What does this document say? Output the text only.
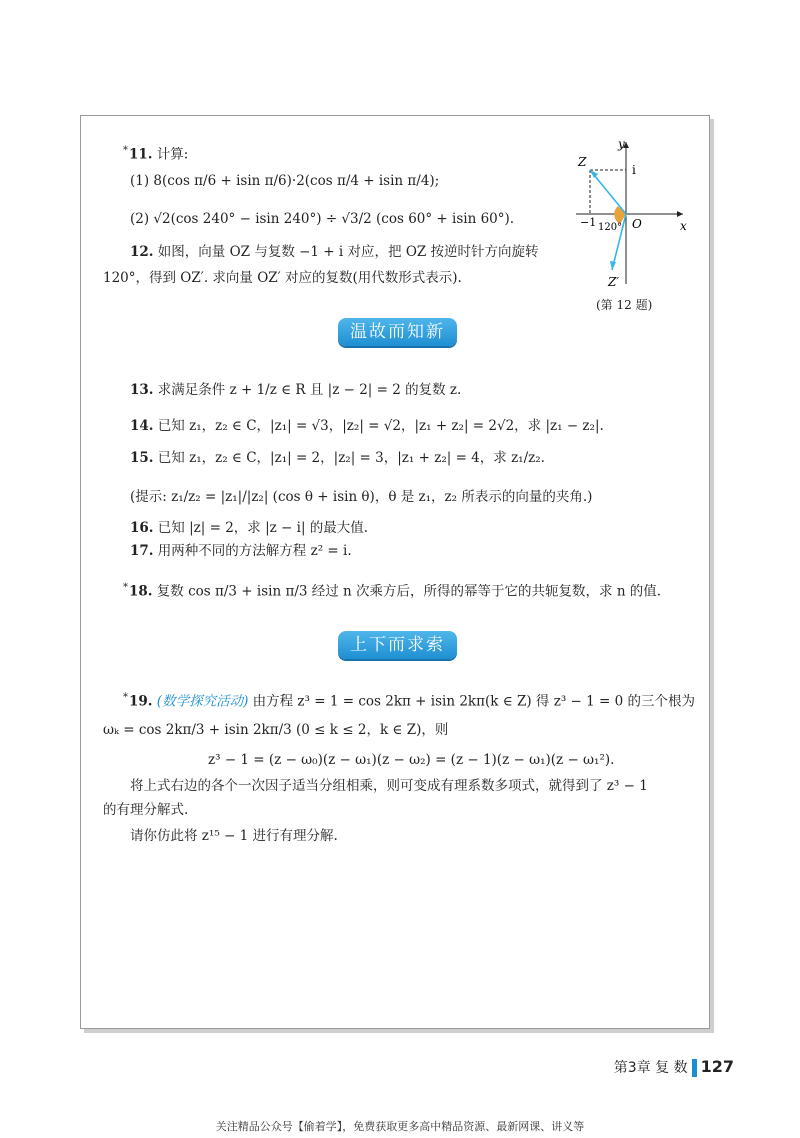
*11. 计算:
(1) 8(cos π/6 + isin π/6)·2(cos π/4 + isin π/4);
(2) √2(cos 240° − isin 240°) ÷ √3/2 (cos 60° + isin 60°).
12. 如图，向量 OZ 与复数 −1 + i 对应，把 OZ 按逆时针方向旋转
120°，得到 OZ′. 求向量 OZ′ 对应的复数(用代数形式表示).
y
x
O
i
−1
Z
Z′
120°
(第 12 题)
温故而知新
13. 求满足条件 z + 1/z ∈ R 且 |z − 2| = 2 的复数 z.
14. 已知 z₁，z₂ ∈ C，|z₁| = √3，|z₂| = √2，|z₁ + z₂| = 2√2，求 |z₁ − z₂|.
15. 已知 z₁，z₂ ∈ C，|z₁| = 2，|z₂| = 3，|z₁ + z₂| = 4，求 z₁/z₂.
(提示: z₁/z₂ = |z₁|/|z₂| (cos θ + isin θ)，θ 是 z₁，z₂ 所表示的向量的夹角.)
16. 已知 |z| = 2，求 |z − i| 的最大值.
17. 用两种不同的方法解方程 z² = i.
*18. 复数 cos π/3 + isin π/3 经过 n 次乘方后，所得的幂等于它的共轭复数，求 n 的值.
上下而求索
*19. (数学探究活动) 由方程 z³ = 1 = cos 2kπ + isin 2kπ(k ∈ Z) 得 z³ − 1 = 0 的三个根为
ωₖ = cos 2kπ/3 + isin 2kπ/3 (0 ≤ k ≤ 2，k ∈ Z)，则
z³ − 1 = (z − ω₀)(z − ω₁)(z − ω₂) = (z − 1)(z − ω₁)(z − ω₁²).
将上式右边的各个一次因子适当分组相乘，则可变成有理系数多项式，就得到了 z³ − 1
的有理分解式.
请你仿此将 z¹⁵ − 1 进行有理分解.
第3章 复 数 127
关注精品公众号【偷着学】，免费获取更多高中精品资源、最新网课、讲义等
